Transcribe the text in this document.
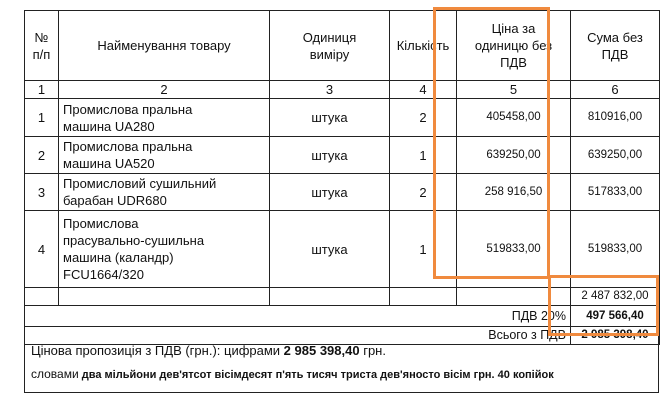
№
п/п	Найменування товару	Одиниця
виміру	Кількість	Ціна за
одиницю без
ПДВ	Сума без
ПДВ
1	2	3	4	5	6
1	Промислова пральна
машина UA280	штука	2	405458,00	810916,00
2	Промислова пральна
машина UA520	штука	1	639250,00	639250,00
3	Промисловий сушильний
барабан UDR680	штука	2	258 916,50	517833,00
4	Промислова
прасувально-сушильна
машина (каландр)
FCU1664/320	штука	1	519833,00	519833,00
					2 487 832,00
ПДВ 20%					497 566,40
Всього з ПДВ					2 985 398,40
Цінова пропозиція з ПДВ (грн.): цифрами 2 985 398,40 грн.
словами два мільйони дев'ятсот вісімдесят п'ять тисяч триста дев'яносто вісім грн. 40 копійок
